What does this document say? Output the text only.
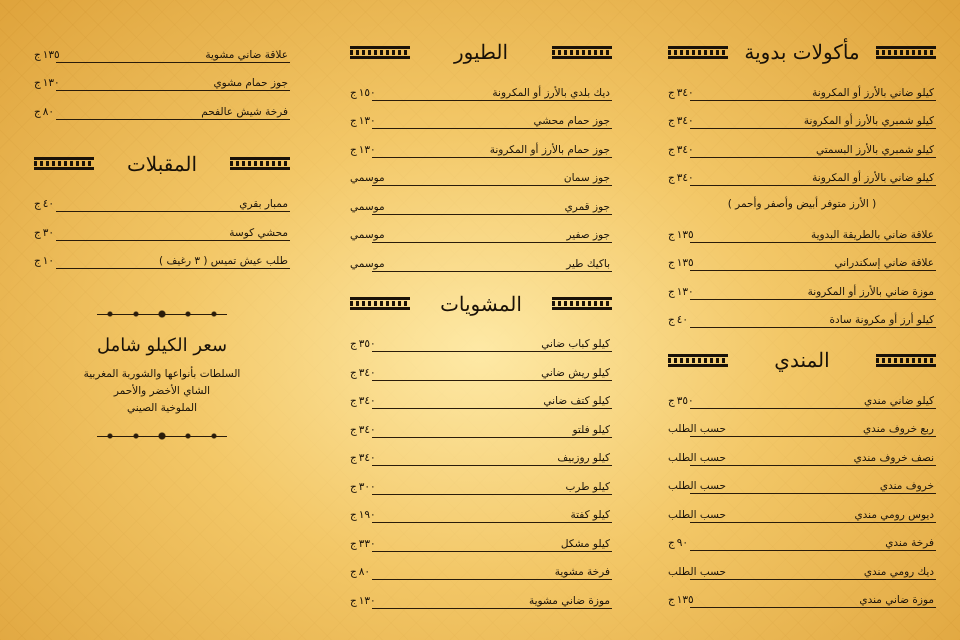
مأكولات بدوية
كيلو ضاني بالأرز أو المكرونة
٣٤٠
ج
كيلو شمبري بالأرز أو المكرونة
٣٤٠
ج
كيلو شمبري بالأرز البسمتي
٣٤٠
ج
كيلو ضاني بالأرز أو المكرونة
٣٤٠
ج
( الأرز متوفر أبيض وأصفر وأحمر )
علاقة ضاني بالطريقة البدوية
١٣٥
ج
علاقة ضاني إسكندراني
١٣٥
ج
موزة ضاني بالأرز أو المكرونة
١٣٠
ج
كيلو أرز أو مكرونة سادة
٤٠
ج
المندي
كيلو ضاني مندي
٣٥٠
ج
ربع خروف مندي
حسب الطلب
نصف خروف مندي
حسب الطلب
خروف مندي
حسب الطلب
ديوس رومي مندي
حسب الطلب
فرخة مندي
٩٠
ج
ديك رومي مندي
حسب الطلب
موزة ضاني مندي
١٣٥
ج
الطيور
ديك بلدي بالأرز أو المكرونة
١٥٠
ج
جوز حمام محشي
١٣٠
ج
جوز حمام بالأرز أو المكرونة
١٣٠
ج
جوز سمان
موسمي
جوز قمري
موسمي
جوز صفير
موسمي
باكيك طير
موسمي
المشويات
كيلو كباب ضاني
٣٥٠
ج
كيلو ريش ضاني
٣٤٠
ج
كيلو كتف ضاني
٣٤٠
ج
كيلو فلتو
٣٤٠
ج
كيلو روزبيف
٣٤٠
ج
كيلو طرب
٣٠٠
ج
كيلو كفتة
١٩٠
ج
كيلو مشكل
٣٣٠
ج
فرخة مشوية
٨٠
ج
موزة ضاني مشوية
١٣٠
ج
علاقة ضاني مشوية
١٣٥
ج
جوز حمام مشوي
١٣٠
ج
فرخة شيش عالفحم
٨٠
ج
المقبلات
ممبار بقري
٤٠
ج
محشي كوسة
٣٠
ج
طلب عيش تميس ( ٣ رغيف )
١٠
ج
سعر الكيلو شامل
السلطات بأنواعها والشوربة المغربية
الشاي الأخضر والأحمر
الملوخية الصيني
